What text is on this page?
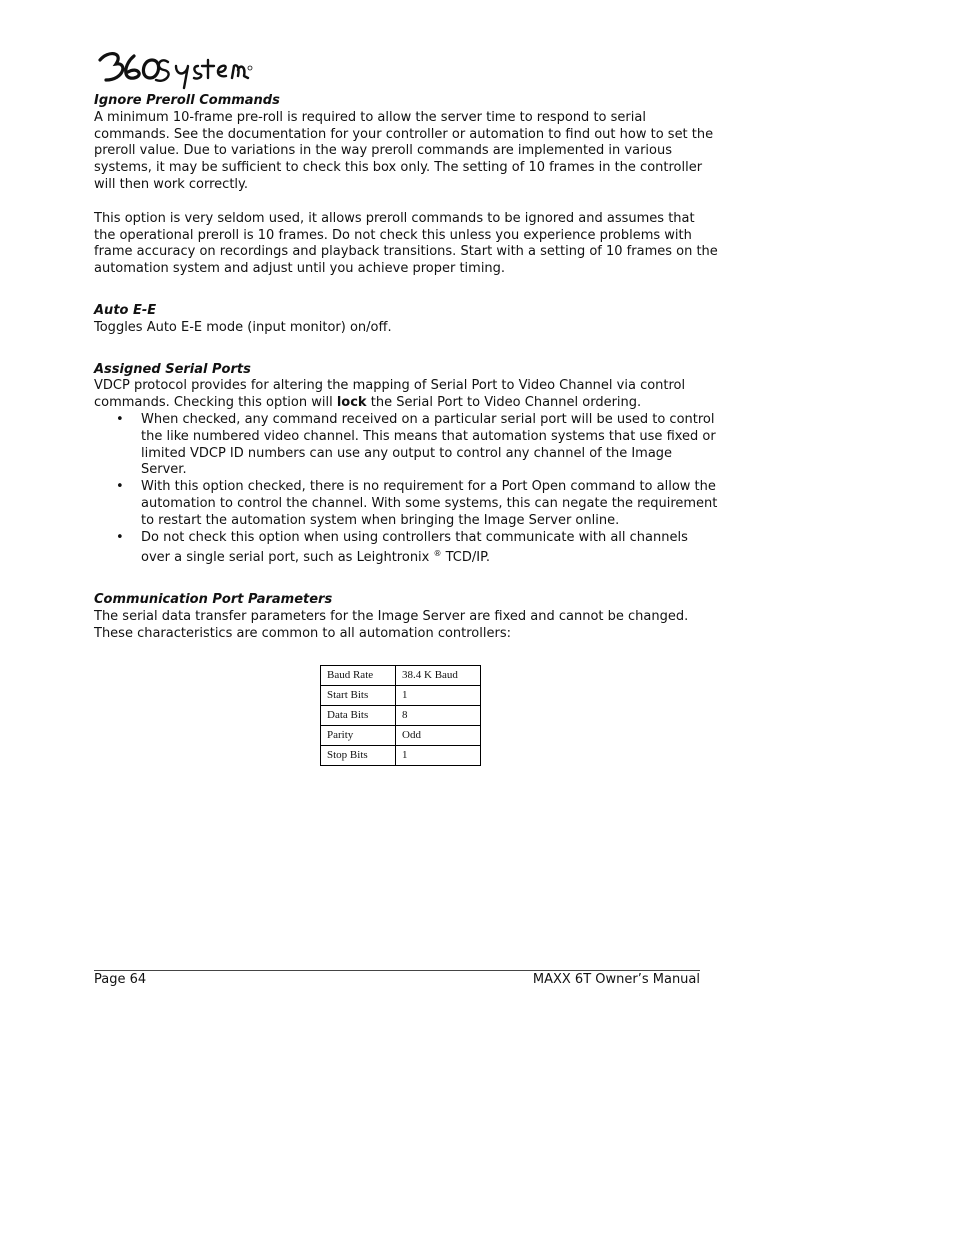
Ignore Preroll Commands

A minimum 10-frame pre-roll is required to allow the server time to respond to serial commands. See the documentation for your controller or automation to find out how to set the preroll value. Due to variations in the way preroll commands are implemented in various systems, it may be sufficient to check this box only. The setting of 10 frames in the controller will then work correctly.

This option is very seldom used, it allows preroll commands to be ignored and assumes that the operational preroll is 10 frames. Do not check this unless you experience problems with frame accuracy on recordings and playback transitions. Start with a setting of 10 frames on the automation system and adjust until you achieve proper timing.

Auto E-E

Toggles Auto E-E mode (input monitor) on/off.

Assigned Serial Ports

VDCP protocol provides for altering the mapping of Serial Port to Video Channel via control commands. Checking this option will lock the Serial Port to Video Channel ordering.

• When checked, any command received on a particular serial port will be used to control the like numbered video channel. This means that automation systems that use fixed or limited VDCP ID numbers can use any output to control any channel of the Image Server.
• With this option checked, there is no requirement for a Port Open command to allow the automation to control the channel. With some systems, this can negate the requirement to restart the automation system when bringing the Image Server online.
• Do not check this option when using controllers that communicate with all channels over a single serial port, such as Leightronix ® TCD/IP.

Communication Port Parameters

The serial data transfer parameters for the Image Server are fixed and cannot be changed. These characteristics are common to all automation controllers:

Baud Rate	38.4 K Baud
Start Bits	1
Data Bits	8
Parity	Odd
Stop Bits	1
Page 64	MAXX 6T Owner’s Manual
